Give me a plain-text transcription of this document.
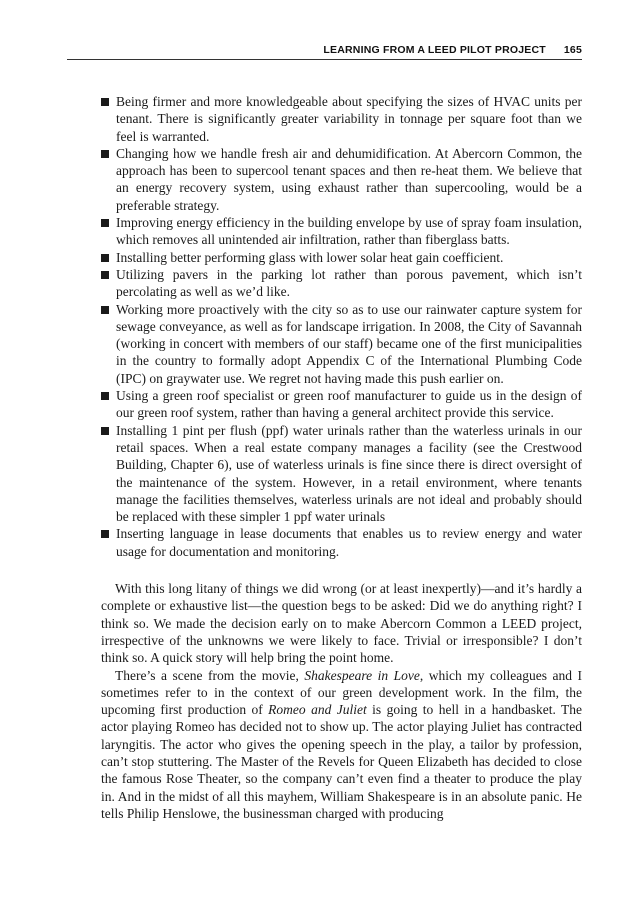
LEARNING FROM A LEED PILOT PROJECT 165
Being firmer and more knowledgeable about specifying the sizes of HVAC units per tenant. There is significantly greater variability in tonnage per square foot than we feel is warranted.
Changing how we handle fresh air and dehumidification. At Abercorn Common, the approach has been to supercool tenant spaces and then re-heat them. We believe that an energy recovery system, using exhaust rather than supercooling, would be a preferable strategy.
Improving energy efficiency in the building envelope by use of spray foam insulation, which removes all unintended air infiltration, rather than fiberglass batts.
Installing better performing glass with lower solar heat gain coefficient.
Utilizing pavers in the parking lot rather than porous pavement, which isn’t percolating as well as we’d like.
Working more proactively with the city so as to use our rainwater capture system for sewage conveyance, as well as for landscape irrigation. In 2008, the City of Savannah (working in concert with members of our staff) became one of the first municipalities in the country to formally adopt Appendix C of the International Plumbing Code (IPC) on graywater use. We regret not having made this push earlier on.
Using a green roof specialist or green roof manufacturer to guide us in the design of our green roof system, rather than having a general architect provide this service.
Installing 1 pint per flush (ppf) water urinals rather than the waterless urinals in our retail spaces. When a real estate company manages a facility (see the Crestwood Building, Chapter 6), use of waterless urinals is fine since there is direct oversight of the maintenance of the system. However, in a retail environment, where tenants manage the facilities themselves, waterless urinals are not ideal and probably should be replaced with these simpler 1 ppf water urinals
Inserting language in lease documents that enables us to review energy and water usage for documentation and monitoring.

With this long litany of things we did wrong (or at least inexpertly)—and it’s hardly a complete or exhaustive list—the question begs to be asked: Did we do anything right? I think so. We made the decision early on to make Abercorn Common a LEED project, irrespective of the unknowns we were likely to face. Trivial or irresponsible? I don’t think so. A quick story will help bring the point home.

There’s a scene from the movie, Shakespeare in Love, which my colleagues and I sometimes refer to in the context of our green development work. In the film, the upcoming first production of Romeo and Juliet is going to hell in a handbasket. The actor playing Romeo has decided not to show up. The actor playing Juliet has contracted laryngitis. The actor who gives the opening speech in the play, a tailor by profession, can’t stop stuttering. The Master of the Revels for Queen Elizabeth has decided to close the famous Rose Theater, so the company can’t even find a theater to produce the play in. And in the midst of all this mayhem, William Shakespeare is in an absolute panic. He tells Philip Henslowe, the businessman charged with producing
